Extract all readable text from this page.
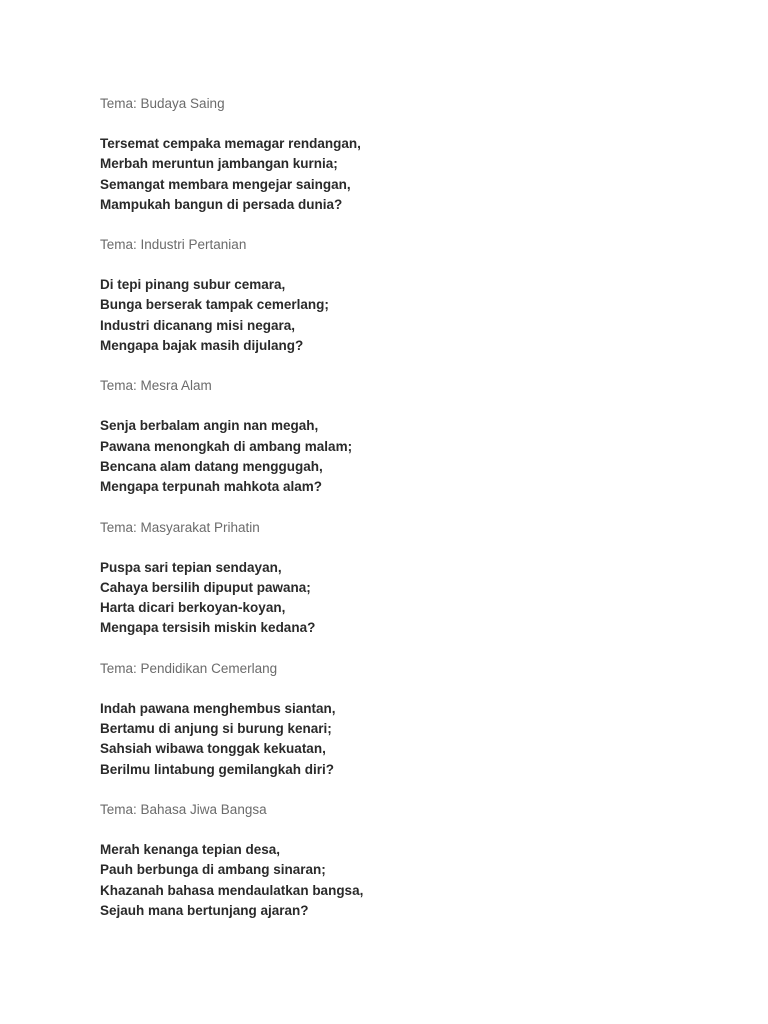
Tema: Budaya Saing

Tersemat cempaka memagar rendangan,
Merbah meruntun jambangan kurnia;
Semangat membara mengejar saingan,
Mampukah bangun di persada dunia?

Tema: Industri Pertanian

Di tepi pinang subur cemara,
Bunga berserak tampak cemerlang;
Industri dicanang misi negara,
Mengapa bajak masih dijulang?

Tema: Mesra Alam

Senja berbalam angin nan megah,
Pawana menongkah di ambang malam;
Bencana alam datang menggugah,
Mengapa terpunah mahkota alam?

Tema: Masyarakat Prihatin

Puspa sari tepian sendayan,
Cahaya bersilih dipuput pawana;
Harta dicari berkoyan-koyan,
Mengapa tersisih miskin kedana?

Tema: Pendidikan Cemerlang

Indah pawana menghembus siantan,
Bertamu di anjung si burung kenari;
Sahsiah wibawa tonggak kekuatan,
Berilmu lintabung gemilangkah diri?

Tema: Bahasa Jiwa Bangsa

Merah kenanga tepian desa,
Pauh berbunga di ambang sinaran;
Khazanah bahasa mendaulatkan bangsa,
Sejauh mana bertunjang ajaran?
